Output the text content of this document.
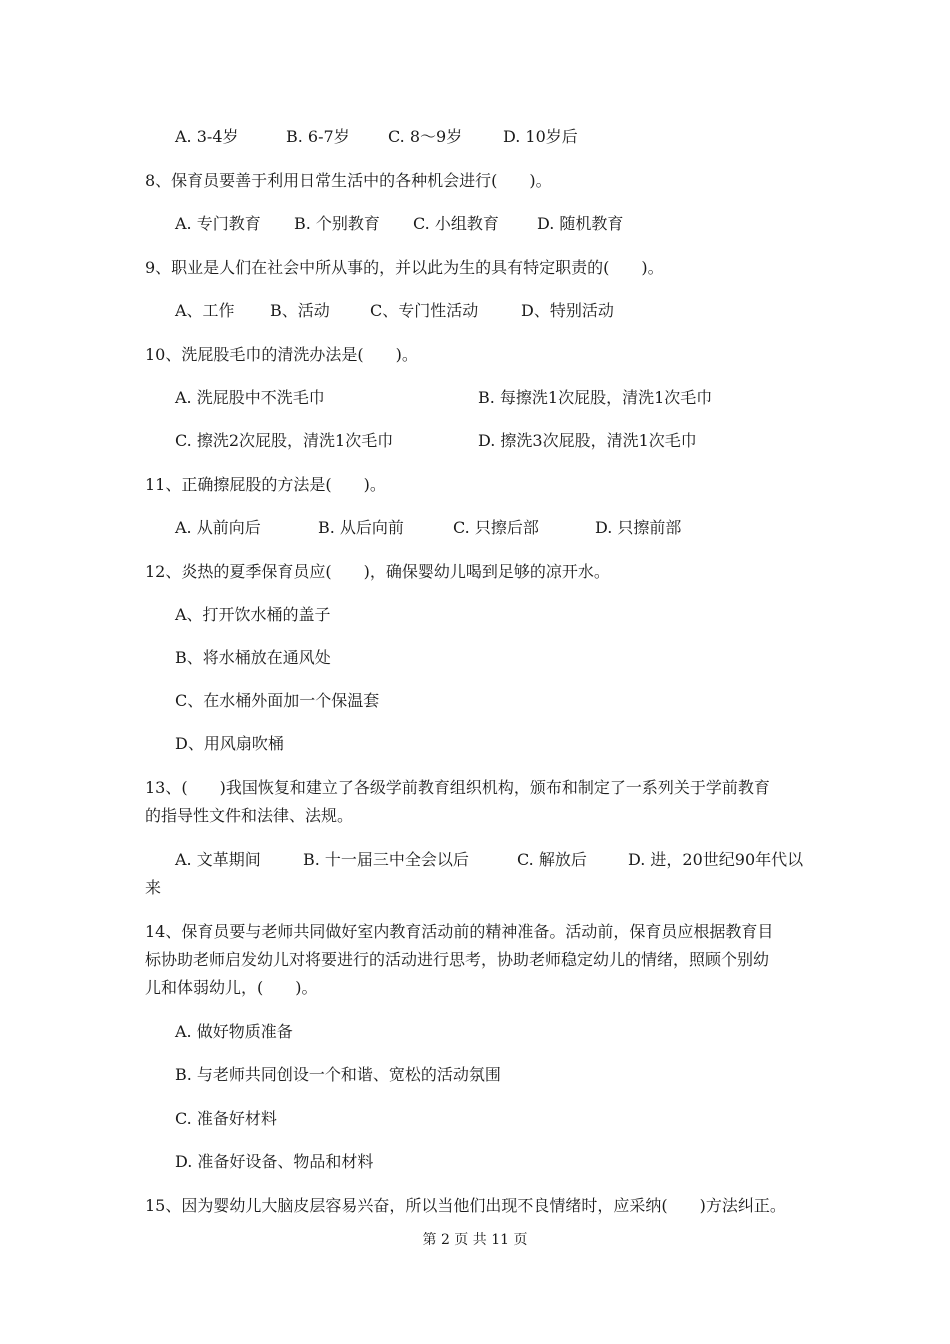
A. 3-4岁	B. 6-7岁 C. 8～9岁	D. 10岁后
8、保育员要善于利用日常生活中的各种机会进行(　　)。
A. 专门教育 B. 个别教育 C. 小组教育 D. 随机教育
9、职业是人们在社会中所从事的，并以此为生的具有特定职责的(　　)。
A、工作 B、活动	C、专门性活动	D、特别活动
10、洗屁股毛巾的清洗办法是(　　)。
A. 洗屁股中不洗毛巾	B. 每擦洗1次屁股，清洗1次毛巾
C. 擦洗2次屁股，清洗1次毛巾	D. 擦洗3次屁股，清洗1次毛巾
11、正确擦屁股的方法是(　　)。
A. 从前向后	B. 从后向前	C. 只擦后部	D. 只擦前部
12、炎热的夏季保育员应(　　)，确保婴幼儿喝到足够的凉开水。
A、打开饮水桶的盖子
B、将水桶放在通风处
C、在水桶外面加一个保温套
D、用风扇吹桶
13、(　　)我国恢复和建立了各级学前教育组织机构，颁布和制定了一系列关于学前教育
的指导性文件和法律、法规。
A. 文革期间	B. 十一届三中全会以后	C. 解放后	D. 进，20世纪90年代以
来
14、保育员要与老师共同做好室内教育活动前的精神准备。活动前，保育员应根据教育目
标协助老师启发幼儿对将要进行的活动进行思考，协助老师稳定幼儿的情绪，照顾个别幼
儿和体弱幼儿，(　　)。
A. 做好物质准备
B. 与老师共同创设一个和谐、宽松的活动氛围
C. 准备好材料
D. 准备好设备、物品和材料
15、因为婴幼儿大脑皮层容易兴奋，所以当他们出现不良情绪时，应采纳(　　)方法纠正。
第 2 页 共 11 页
